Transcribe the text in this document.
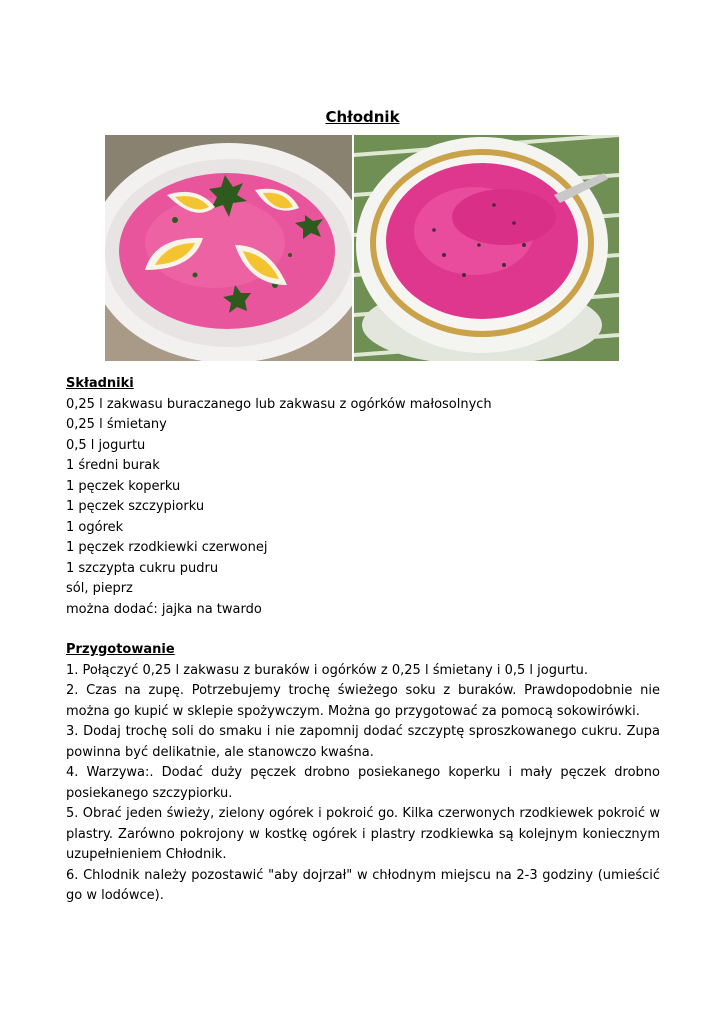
Chłodnik
Składniki
0,25 l zakwasu buraczanego lub zakwasu z ogórków małosolnych
0,25 l śmietany
0,5 l jogurtu
1 średni burak
1 pęczek koperku
1 pęczek szczypiorku
1 ogórek
1 pęczek rzodkiewki czerwonej
1 szczypta cukru pudru
sól, pieprz
można dodać: jajka na twardo
Przygotowanie
1. Połączyć 0,25 l zakwasu z buraków i ogórków z 0,25 l śmietany i 0,5 l jogurtu.
2. Czas na zupę. Potrzebujemy trochę świeżego soku z buraków. Prawdopodobnie nie można go kupić w sklepie spożywczym. Można go przygotować za pomocą sokowirówki.
3. Dodaj trochę soli do smaku i nie zapomnij dodać szczyptę sproszkowanego cukru. Zupa powinna być delikatnie, ale stanowczo kwaśna.
4. Warzywa:. Dodać duży pęczek drobno posiekanego koperku i mały pęczek drobno posiekanego szczypiorku.
5. Obrać jeden świeży, zielony ogórek i pokroić go. Kilka czerwonych rzodkiewek pokroić w plastry. Zarówno pokrojony w kostkę ogórek i plastry rzodkiewka są kolejnym koniecznym uzupełnieniem Chłodnik.
6. Chlodnik należy pozostawić "aby dojrzał" w chłodnym miejscu na 2-3 godziny (umieścić go w lodówce).
